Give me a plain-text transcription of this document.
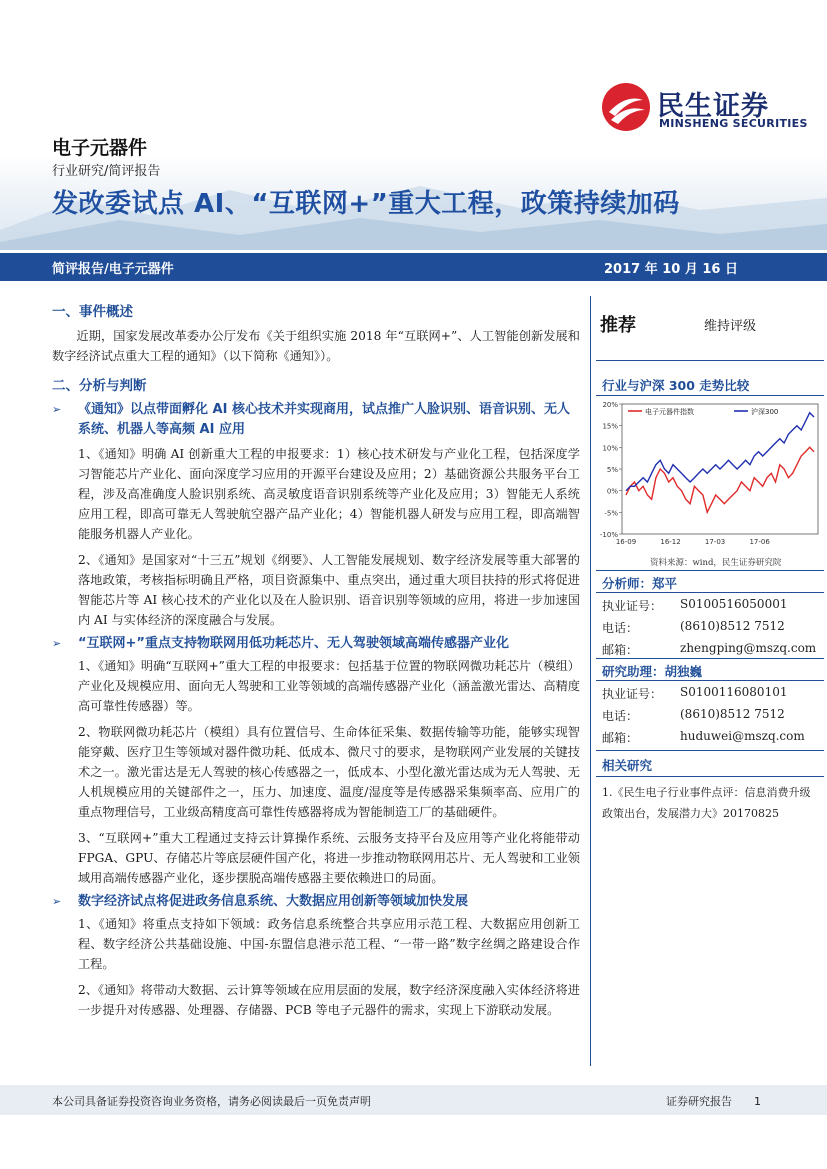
民生证券
MINSHENG SECURITIES
电子元器件
行业研究/简评报告
发改委试点 AI、“互联网+”重大工程，政策持续加码
简评报告/电子元器件	2017 年 10 月 16 日
一、事件概述

近期，国家发展改革委办公厅发布《关于组织实施 2018 年“互联网+”、人工智能创新发展和数字经济试点重大工程的通知》（以下简称《通知》）。

二、分析与判断
➢ 《通知》以点带面孵化 AI 核心技术并实现商用，试点推广人脸识别、语音识别、无人系统、机器人等高频 AI 应用

1、《通知》明确 AI 创新重大工程的申报要求：1）核心技术研发与产业化工程，包括深度学习智能芯片产业化、面向深度学习应用的开源平台建设及应用；2）基础资源公共服务平台工程，涉及高准确度人脸识别系统、高灵敏度语音识别系统等产业化及应用；3）智能无人系统应用工程，即高可靠无人驾驶航空器产品产业化；4）智能机器人研发与应用工程，即高端智能服务机器人产业化。

2、《通知》是国家对“十三五”规划《纲要》、人工智能发展规划、数字经济发展等重大部署的落地政策，考核指标明确且严格，项目资源集中、重点突出，通过重大项目扶持的形式将促进智能芯片等 AI 核心技术的产业化以及在人脸识别、语音识别等领域的应用，将进一步加速国内 AI 与实体经济的深度融合与发展。

➢ “互联网+”重点支持物联网用低功耗芯片、无人驾驶领域高端传感器产业化

1、《通知》明确“互联网+”重大工程的申报要求：包括基于位置的物联网微功耗芯片（模组）产业化及规模应用、面向无人驾驶和工业等领域的高端传感器产业化（涵盖激光雷达、高精度高可靠性传感器）等。

2、物联网微功耗芯片（模组）具有位置信号、生命体征采集、数据传输等功能，能够实现智能穿戴、医疗卫生等领域对器件微功耗、低成本、微尺寸的要求，是物联网产业发展的关键技术之一。激光雷达是无人驾驶的核心传感器之一，低成本、小型化激光雷达成为无人驾驶、无人机规模应用的关键部件之一，压力、加速度、温度/湿度等是传感器采集频率高、应用广的重点物理信号，工业级高精度高可靠性传感器将成为智能制造工厂的基础硬件。

3、“互联网+”重大工程通过支持云计算操作系统、云服务支持平台及应用等产业化将能带动 FPGA、GPU、存储芯片等底层硬件国产化，将进一步推动物联网用芯片、无人驾驶和工业领域用高端传感器产业化，逐步摆脱高端传感器主要依赖进口的局面。

➢ 数字经济试点将促进政务信息系统、大数据应用创新等领域加快发展

1、《通知》将重点支持如下领域：政务信息系统整合共享应用示范工程、大数据应用创新工程、数字经济公共基础设施、中国-东盟信息港示范工程、“一带一路”数字丝绸之路建设合作工程。

2、《通知》将带动大数据、云计算等领域在应用层面的发展，数字经济深度融入实体经济将进一步提升对传感器、处理器、存储器、PCB 等电子元器件的需求，实现上下游联动发展。

推荐	维持评级
行业与沪深 300 走势比较
20%
15%
10%
5%
0%
-5%
-10%
16-09	16-12	17-03	17-06
电子元器件指数	沪深300
资料来源：wind，民生证券研究院
分析师：郑平
执业证号： S0100516050001
电话：	(8610)8512 7512
邮箱：	zhengping@mszq.com
研究助理：胡独巍
执业证号： S0100116080101
电话：	(8610)8512 7512
邮箱：	huduwei@mszq.com
相关研究
1.《民生电子行业事件点评：信息消费升级政策出台，发展潜力大》20170825
本公司具备证券投资咨询业务资格，请务必阅读最后一页免责声明	证券研究报告　　1
